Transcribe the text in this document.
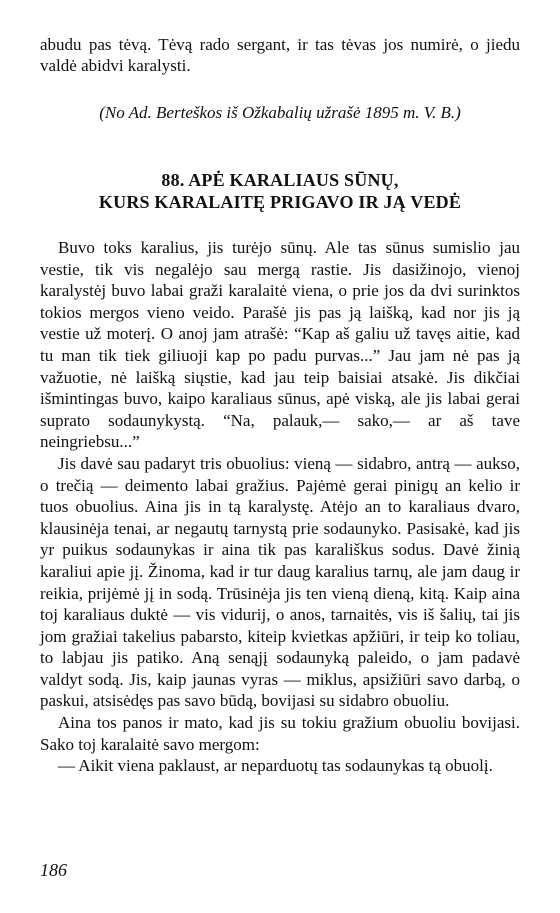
abudu pas tėvą. Tėvą rado sergant, ir tas tėvas jos numirė, o jiedu valdė abidvi karalysti.

(No Ad. Berteškos iš Ožkabalių užrašė 1895 m. V. B.)

88. APĖ KARALIAUS SŪNŲ,
KURS KARALAITĘ PRIGAVO IR JĄ VEDĖ

Buvo toks karalius, jis turėjo sūnų. Ale tas sūnus sumislio jau vestie, tik vis negalėjo sau mergą rastie. Jis dasižinojo, vienoj karalystėj buvo labai graži karalaitė viena, o prie jos da dvi surinktos tokios mergos vieno veido. Parašė jis pas ją laišką, kad nor jis ją vestie už moterį. O anoj jam atrašė: “Kap aš galiu už tavęs aitie, kad tu man tik tiek giliuoji kap po padu purvas...” Jau jam nė pas ją važuotie, nė laišką siųstie, kad jau teip baisiai atsakė. Jis dikčiai išmintingas buvo, kaipo karaliaus sūnus, apė viską, ale jis labai gerai suprato sodaunykystą. “Na, palauk,— sako,— ar aš tave neingriebsu...”

Jis davė sau padaryt tris obuolius: vieną — sidabro, antrą — aukso, o trečią — deimento labai gražius. Pajėmė gerai pinigų an kelio ir tuos obuolius. Aina jis in tą karalystę. Atėjo an to karaliaus dvaro, klausinėja tenai, ar negautų tarnystą prie sodaunyko. Pasisakė, kad jis yr puikus sodaunykas ir aina tik pas karališkus sodus. Davė žinią karaliui apie jį. Žinoma, kad ir tur daug karalius tarnų, ale jam daug ir reikia, prijėmė jį in sodą. Trūsinėja jis ten vieną dieną, kitą. Kaip aina toj karaliaus duktė — vis vidurij, o anos, tarnaitės, vis iš šalių, tai jis jom gražiai takelius pabarsto, kiteip kvietkas apžiūri, ir teip ko toliau, to labjau jis patiko. Aną senąjį sodaunyką paleido, o jam padavė valdyt sodą. Jis, kaip jaunas vyras — miklus, apsižiūri savo darbą, o paskui, atsisėdęs pas savo būdą, bovijasi su sidabro obuoliu.

Aina tos panos ir mato, kad jis su tokiu gražium obuoliu bovijasi. Sako toj karalaitė savo mergom:

— Aikit viena paklaust, ar neparduotų tas sodaunykas tą obuolį.

186
